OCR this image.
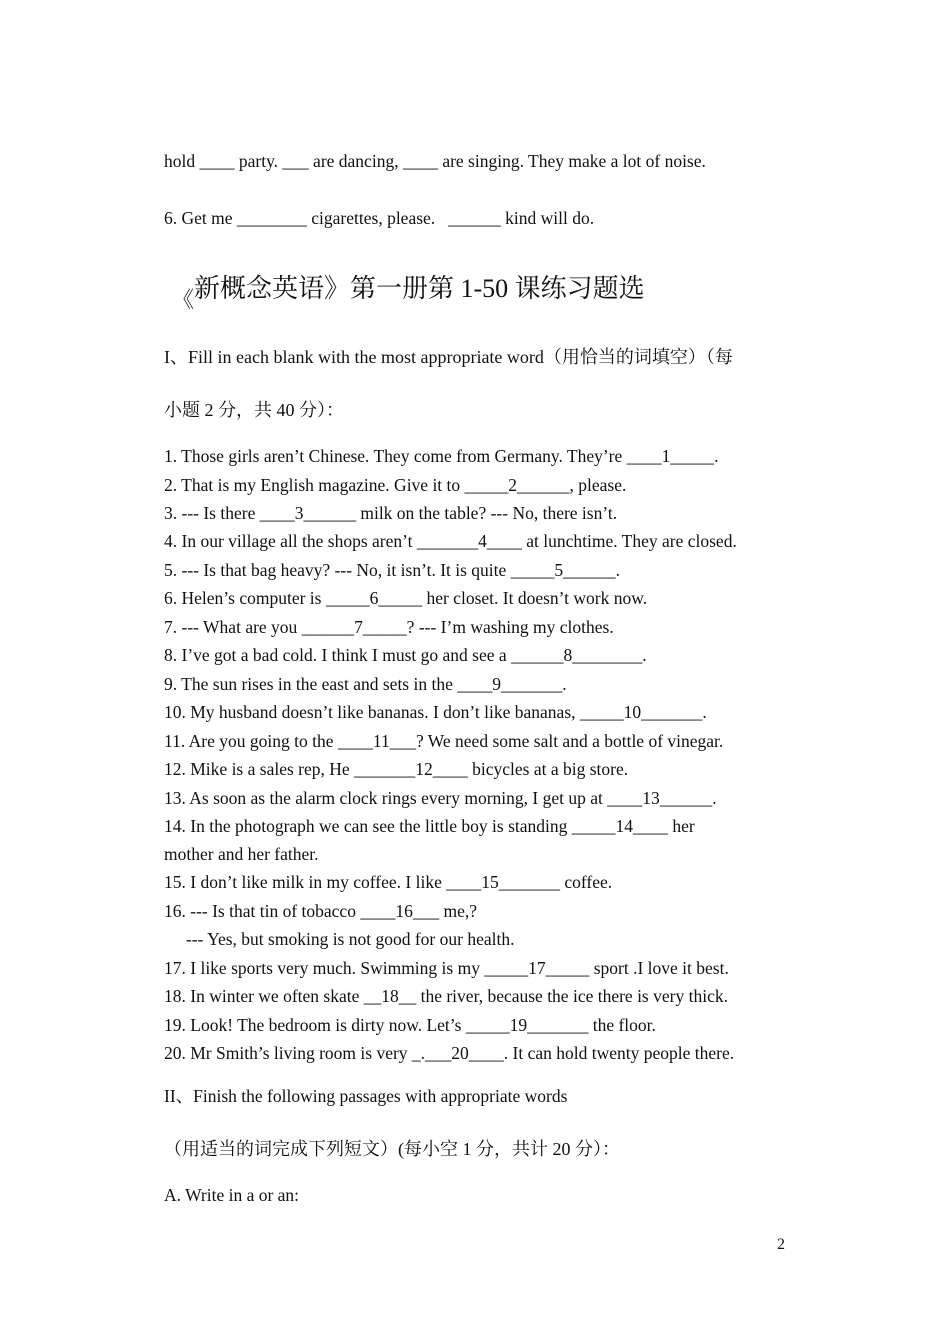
hold ____ party. ___ are dancing, ____ are singing. They make a lot of noise.
6. Get me ________ cigarettes, please.   ______ kind will do.
$_《$新概念英语》第一册第 1-50 课练习题选
I、Fill in each blank with the most appropriate word（用恰当的词填空）（每
小题 2 分，共 40 分）：
1. Those girls aren’t Chinese. They come from Germany. They’re ____1_____.
2. That is my English magazine. Give it to _____2______, please.
3. --- Is there ____3______ milk on the table? --- No, there isn’t.
4. In our village all the shops aren’t _______4____ at lunchtime. They are closed.
5. --- Is that bag heavy? --- No, it isn’t. It is quite _____5______.
6. Helen’s computer is _____6_____ her closet. It doesn’t work now.
7. --- What are you ______7_____? --- I’m washing my clothes.
8. I’ve got a bad cold. I think I must go and see a ______8________.
9. The sun rises in the east and sets in the ____9_______.
10. My husband doesn’t like bananas. I don’t like bananas, _____10_______.
11. Are you going to the ____11___? We need some salt and a bottle of vinegar.
12. Mike is a sales rep, He _______12____ bicycles at a big store.
13. As soon as the alarm clock rings every morning, I get up at ____13______.
14. In the photograph we can see the little boy is standing _____14____ her
mother and her father.
15. I don’t like milk in my coffee. I like ____15_______ coffee.
16. --- Is that tin of tobacco ____16___ me,?
--- Yes, but smoking is not good for our health.
17. I like sports very much. Swimming is my _____17_____ sport .I love it best.
18. In winter we often skate __18__ the river, because the ice there is very thick.
19. Look! The bedroom is dirty now. Let’s _____19_______ the floor.
20. Mr Smith’s living room is very _.___20____. It can hold twenty people there.
II、Finish the following passages with appropriate words
（用适当的词完成下列短文）(每小空 1 分，共计 20 分）：
A. Write in a or an:
2
